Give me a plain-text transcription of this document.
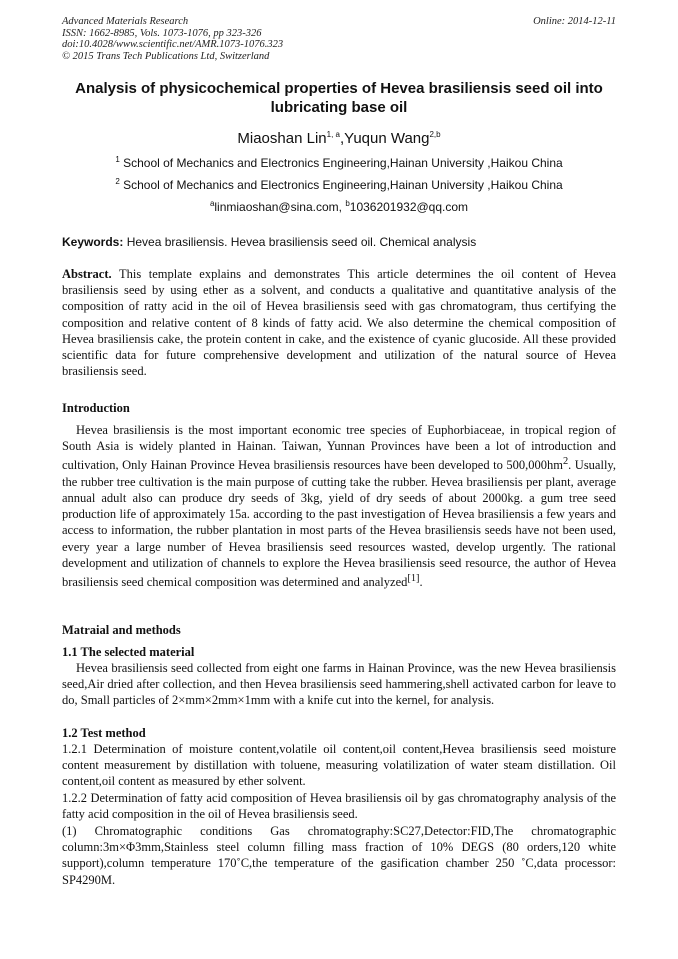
Advanced Materials Research
ISSN: 1662-8985, Vols. 1073-1076, pp 323-326
doi:10.4028/www.scientific.net/AMR.1073-1076.323
© 2015 Trans Tech Publications Ltd, Switzerland
Online: 2014-12-11
Analysis of physicochemical properties of Hevea brasiliensis seed oil into lubricating base oil
Miaoshan Lin$^{1, a}$,Yuqun Wang$^{2,b}$
$^1$ School of Mechanics and Electronics Engineering,Hainan University ,Haikou China
$^2$ School of Mechanics and Electronics Engineering,Hainan University ,Haikou China
$^a$linmiaoshan@sina.com, $^b$1036201932@qq.com
Keywords: Hevea brasiliensis. Hevea brasiliensis seed oil. Chemical analysis
Abstract. This template explains and demonstrates This article determines the oil content of Hevea brasiliensis seed by using ether as a solvent, and conducts a qualitative and quantitative analysis of the composition of ratty acid in the oil of Hevea brasiliensis seed with gas chromatogram, thus certifying the composition and relative content of 8 kinds of fatty acid. We also determine the chemical composition of Hevea brasiliensis cake, the protein content in cake, and the existence of cyanic glucoside. All these provided scientific data for future comprehensive development and utilization of the natural source of Hevea brasiliensis seed.
Introduction
Hevea brasiliensis is the most important economic tree species of Euphorbiaceae, in tropical region of South Asia is widely planted in Hainan. Taiwan, Yunnan Provinces have been a lot of introduction and cultivation, Only Hainan Province Hevea brasiliensis resources have been developed to 500,000hm$^2$. Usually, the rubber tree cultivation is the main purpose of cutting take the rubber. Hevea brasiliensis per plant, average annual adult also can produce dry seeds of 3kg, yield of dry seeds of about 2000kg. a gum tree seed production life of approximately 15a. according to the past investigation of Hevea brasiliensis a few years and access to information, the rubber plantation in most parts of the Hevea brasiliensis seeds have not been used, every year a large number of Hevea brasiliensis seed resources wasted, develop urgently. The rational development and utilization of channels to explore the Hevea brasiliensis seed resource, the author of Hevea brasiliensis seed chemical composition was determined and analyzed[1].
Matraial and methods
1.1 The selected material
Hevea brasiliensis seed collected from eight one farms in Hainan Province, was the new Hevea brasiliensis seed,Air dried after collection, and then Hevea brasiliensis seed hammering,shell activated carbon for leave to do, Small particles of 2×mm×2mm×1mm with a knife cut into the kernel, for analysis.
1.2 Test method
1.2.1 Determination of moisture content,volatile oil content,oil content,Hevea brasiliensis seed moisture content measurement by distillation with toluene, measuring volatilization of water steam distillation. Oil content,oil content as measured by ether solvent.
1.2.2 Determination of fatty acid composition of Hevea brasiliensis oil by gas chromatography analysis of the fatty acid composition in the oil of Hevea brasiliensis seed.
(1) Chromatographic conditions Gas chromatography:SC27,Detector:FID,The chromatographic column:3m×Φ3mm,Stainless steel column filling mass fraction of 10% DEGS (80 orders,120 white support),column temperature 170˚C,the temperature of the gasification chamber 250 ˚C,data processor: SP4290M.
